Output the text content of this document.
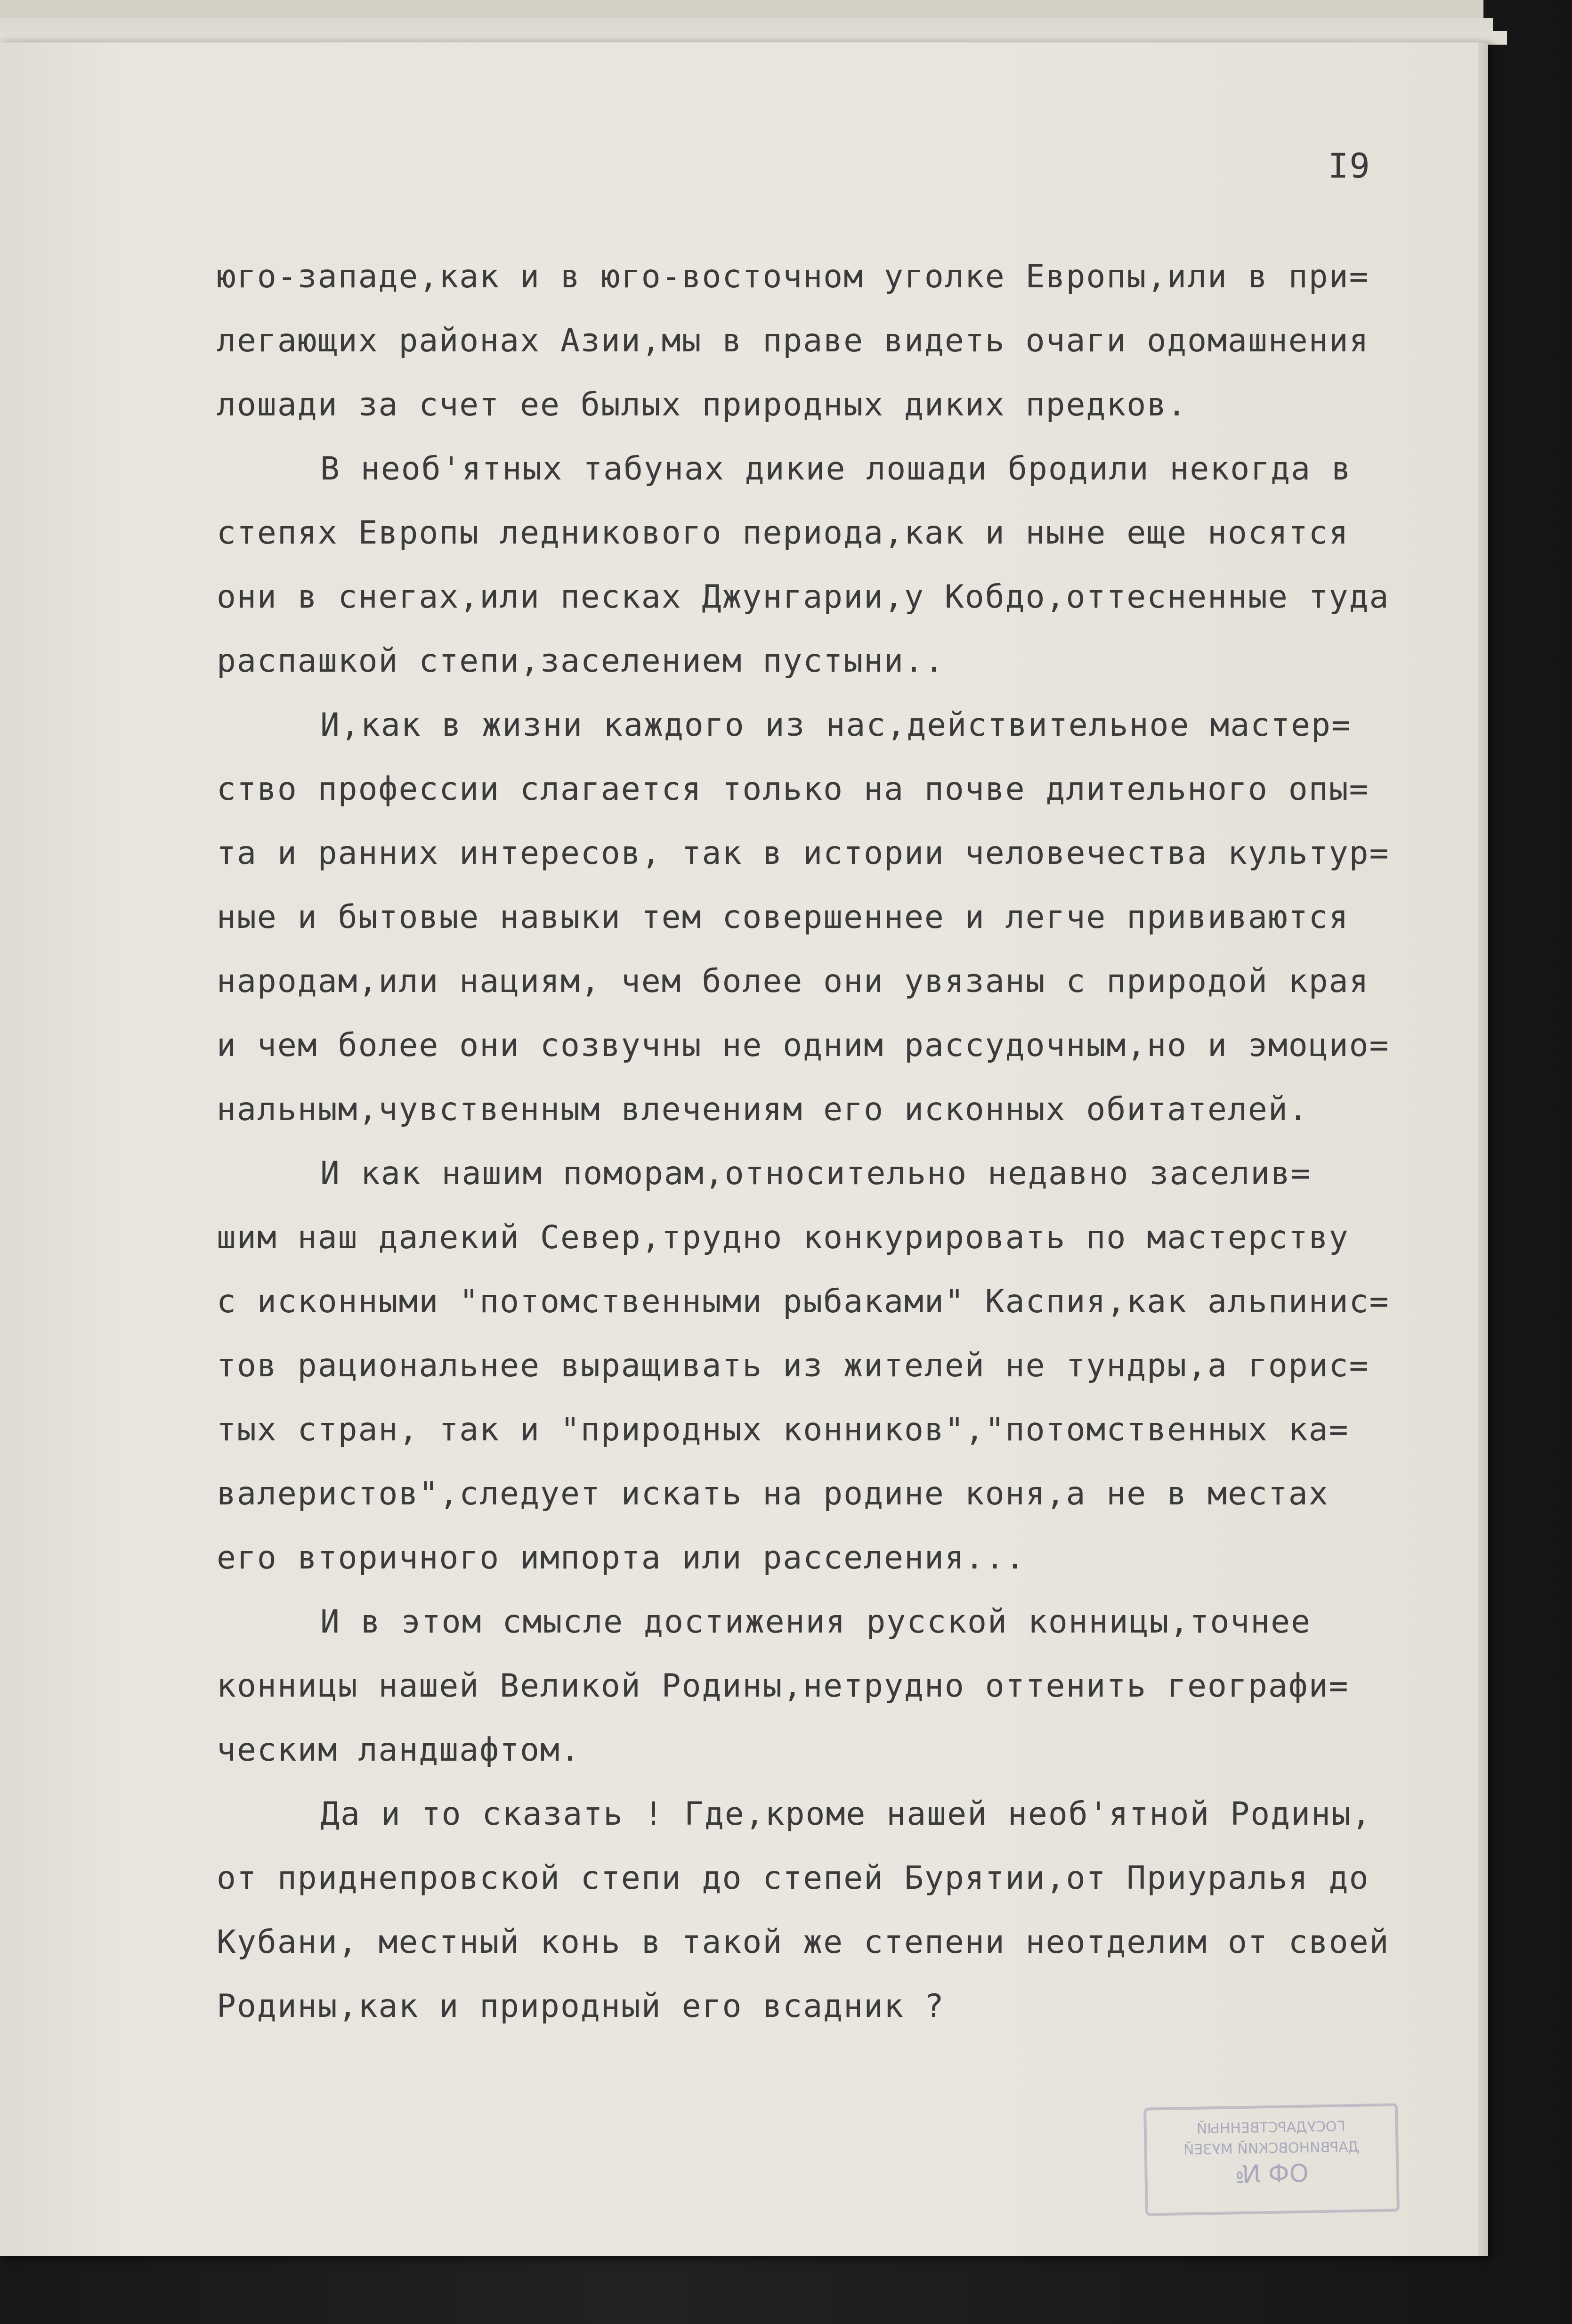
I9
юго-западе,как и в юго-восточном уголке Европы,или в при=
легающих районах Азии,мы в праве видеть очаги одомашнения
лошади за счет ее былых природных диких предков.
В необ'ятных табунах дикие лошади бродили некогда в
степях Европы ледникового периода,как и ныне еще носятся
они в снегах,или песках Джунгарии,у Кобдо,оттесненные туда
распашкой степи,заселением пустыни..
И,как в жизни каждого из нас,действительное мастер=
ство профессии слагается только на почве длительного опы=
та и ранних интересов, так в истории человечества культур=
ные и бытовые навыки тем совершеннее и легче прививаются
народам,или нациям, чем более они увязаны с природой края
и чем более они созвучны не одним рассудочным,но и эмоцио=
нальным,чувственным влечениям его исконных обитателей.
И как нашим поморам,относительно недавно заселив=
шим наш далекий Север,трудно конкурировать по мастерству
с исконными "потомственными рыбаками" Каспия,как альпинис=
тов рациональнее выращивать из жителей не тундры,а горис=
тых стран, так и "природных конников","потомственных ка=
валеристов",следует искать на родине коня,а не в местах
его вторичного импорта или расселения...
И в этом смысле достижения русской конницы,точнее
конницы нашей Великой Родины,нетрудно оттенить географи=
ческим ландшафтом.
Да и то сказать ! Где,кроме нашей необ'ятной Родины,
от приднепровской степи до степей Бурятии,от Приуралья до
Кубани, местный конь в такой же степени неотделим от своей
Родины,как и природный его всадник ?
ГОСУДАРСТВЕННЫЙ
ДАРВИНОВСКИЙ МУЗЕЙ
ОФ №
